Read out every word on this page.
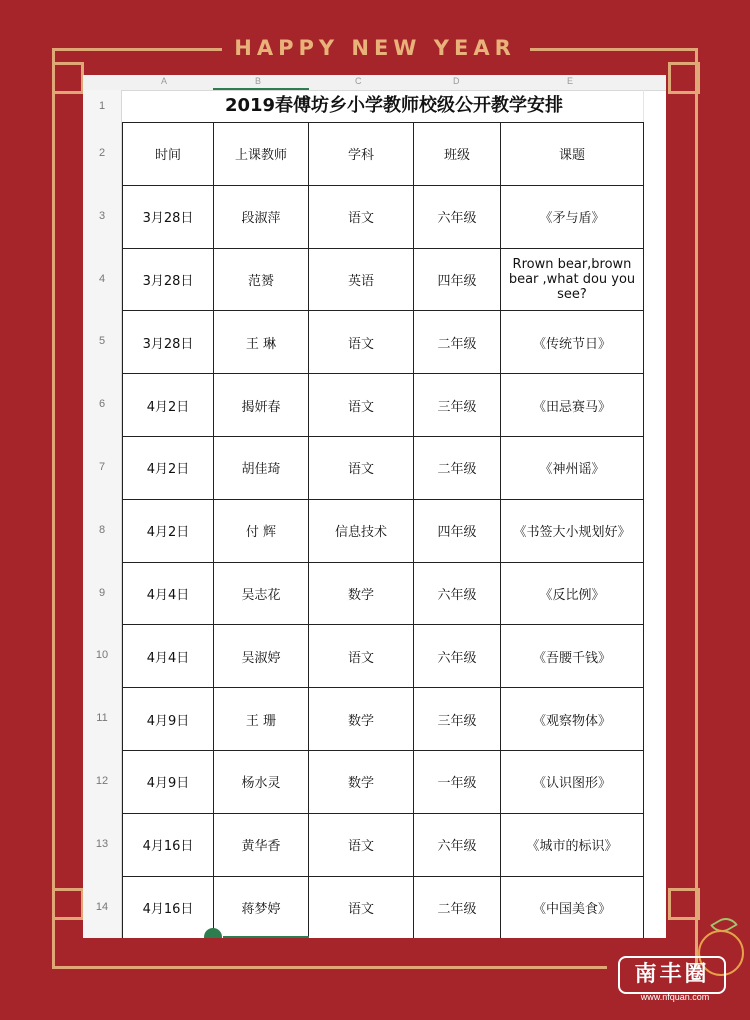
HAPPY NEW YEAR
A	B	C	D	E
1
2
3
4
5
6
7
8
9
10
11
12
13
14
2019春傅坊乡小学教师校级公开教学安排
时间	上课教师	学科	班级	课题
3月28日	段淑萍	语文	六年级	《矛与盾》
3月28日	范赟	英语	四年级	Rrown bear,brown bear ,what dou you see?
3月28日	王 琳	语文	二年级	《传统节日》
4月2日	揭妍春	语文	三年级	《田忌赛马》
4月2日	胡佳琦	语文	二年级	《神州谣》
4月2日	付 辉	信息技术	四年级	《书签大小规划好》
4月4日	吴志花	数学	六年级	《反比例》
4月4日	吴淑婷	语文	六年级	《吾腰千钱》
4月9日	王 珊	数学	三年级	《观察物体》
4月9日	杨水灵	数学	一年级	《认识图形》
4月16日	黄华香	语文	六年级	《城市的标识》
4月16日	蒋梦婷	语文	二年级	《中国美食》
南丰圈
www.nfquan.com
